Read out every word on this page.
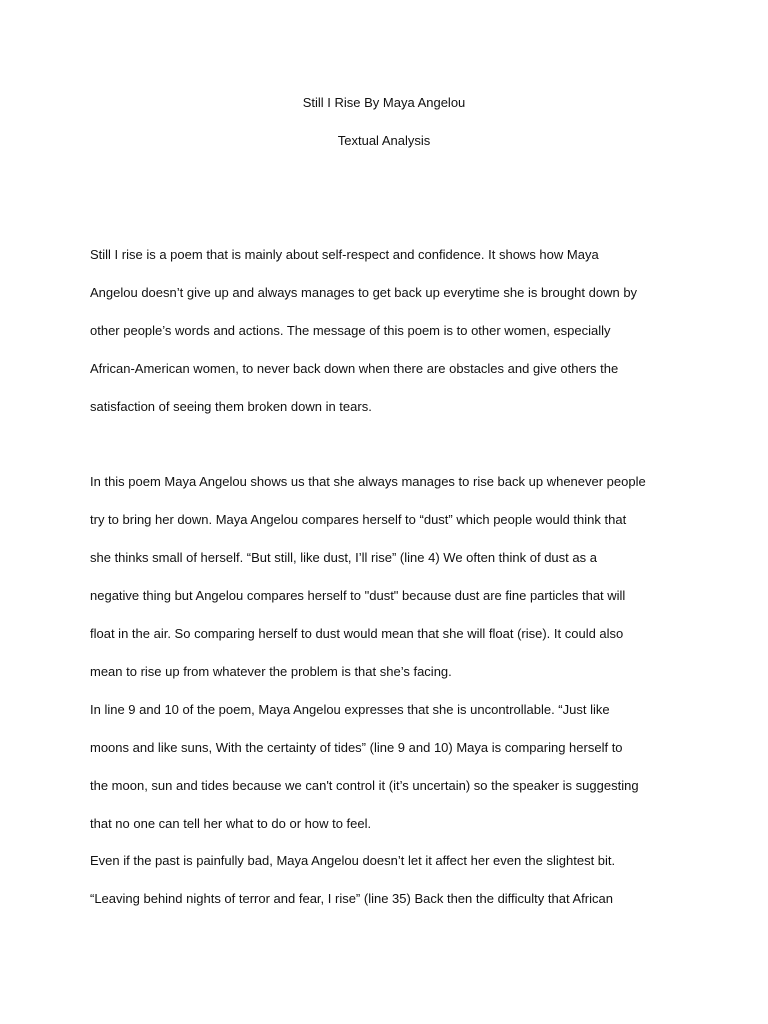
Still I Rise By Maya Angelou
Textual Analysis
Still I rise is a poem that is mainly about self-respect and confidence. It shows how Maya
Angelou doesn’t give up and always manages to get back up everytime she is brought down by
other people’s words and actions. The message of this poem is to other women, especially
African-American women, to never back down when there are obstacles and give others the
satisfaction of seeing them broken down in tears.
In this poem Maya Angelou shows us that she always manages to rise back up whenever people
try to bring her down. Maya Angelou compares herself to “dust” which people would think that
she thinks small of herself. “But still, like dust, I’ll rise” (line 4) We often think of dust as a
negative thing but Angelou compares herself to "dust" because dust are fine particles that will
float in the air. So comparing herself to dust would mean that she will float (rise). It could also
mean to rise up from whatever the problem is that she’s facing.
In line 9 and 10 of the poem, Maya Angelou expresses that she is uncontrollable. “Just like
moons and like suns, With the certainty of tides” (line 9 and 10) Maya is comparing herself to
the moon, sun and tides because we can't control it (it’s uncertain) so the speaker is suggesting
that no one can tell her what to do or how to feel.
Even if the past is painfully bad, Maya Angelou doesn’t let it affect her even the slightest bit.
“Leaving behind nights of terror and fear, I rise” (line 35) Back then the difficulty that African
